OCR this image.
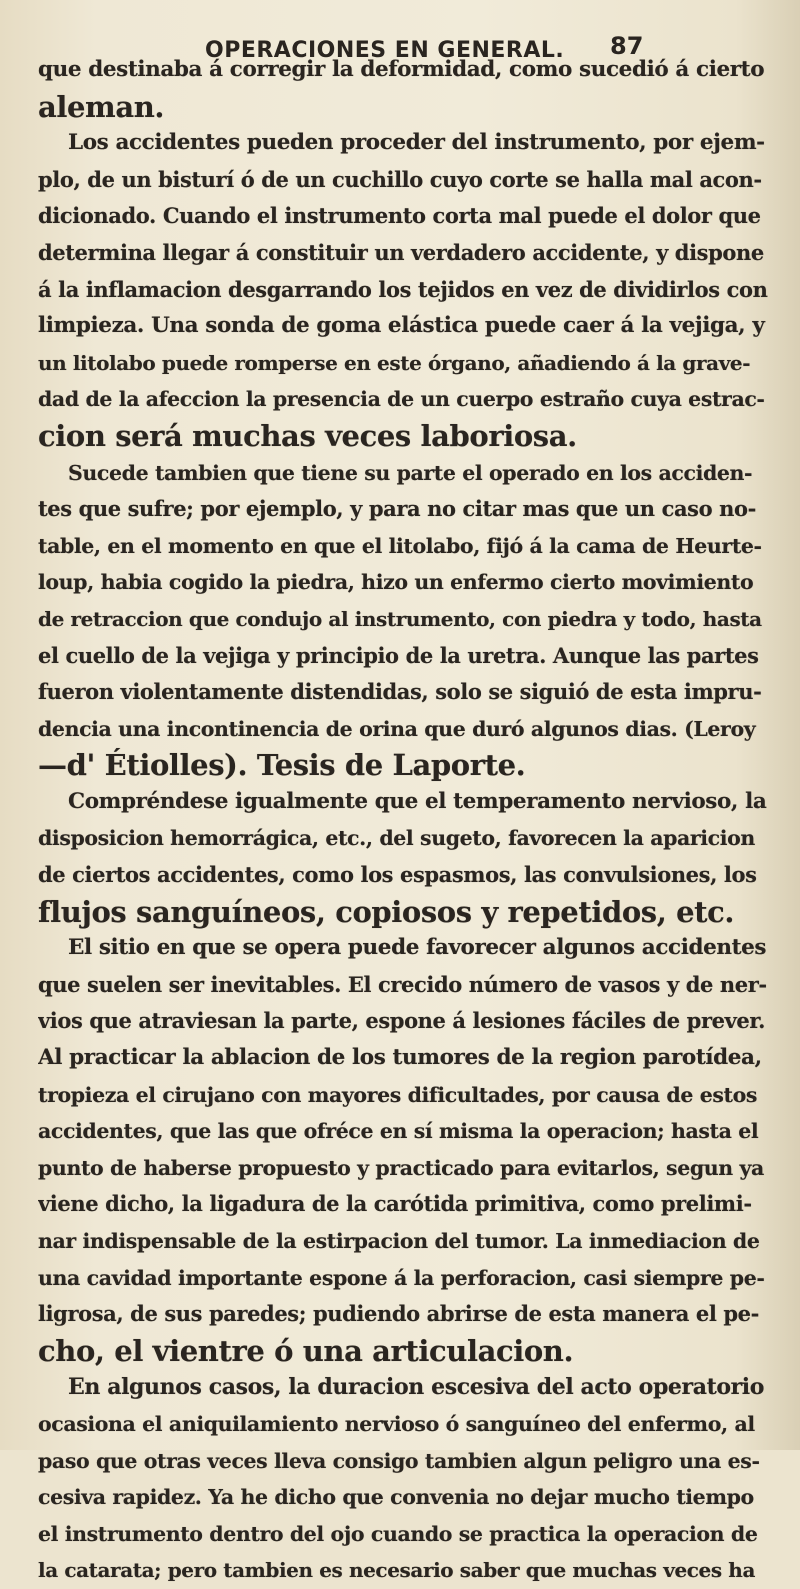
OPERACIONES EN GENERAL. 87
que destinaba á corregir la deformidad, como sucedió á cierto
aleman.
Los accidentes pueden proceder del instrumento, por ejem-
plo, de un bisturí ó de un cuchillo cuyo corte se halla mal acon-
dicionado. Cuando el instrumento corta mal puede el dolor que
determina llegar á constituir un verdadero accidente, y dispone
á la inflamacion desgarrando los tejidos en vez de dividirlos con
limpieza. Una sonda de goma elástica puede caer á la vejiga, y
un litolabo puede romperse en este órgano, añadiendo á la grave-
dad de la afeccion la presencia de un cuerpo estraño cuya estrac-
cion será muchas veces laboriosa.
Sucede tambien que tiene su parte el operado en los acciden-
tes que sufre; por ejemplo, y para no citar mas que un caso no-
table, en el momento en que el litolabo, fijó á la cama de Heurte-
loup, habia cogido la piedra, hizo un enfermo cierto movimiento
de retraccion que condujo al instrumento, con piedra y todo, hasta
el cuello de la vejiga y principio de la uretra. Aunque las partes
fueron violentamente distendidas, solo se siguió de esta impru-
dencia una incontinencia de orina que duró algunos dias. (Leroy
—d' Étiolles). Tesis de Laporte.
Compréndese igualmente que el temperamento nervioso, la
disposicion hemorrágica, etc., del sugeto, favorecen la aparicion
de ciertos accidentes, como los espasmos, las convulsiones, los
flujos sanguíneos, copiosos y repetidos, etc.
El sitio en que se opera puede favorecer algunos accidentes
que suelen ser inevitables. El crecido número de vasos y de ner-
vios que atraviesan la parte, espone á lesiones fáciles de prever.
Al practicar la ablacion de los tumores de la region parotídea,
tropieza el cirujano con mayores dificultades, por causa de estos
accidentes, que las que ofréce en sí misma la operacion; hasta el
punto de haberse propuesto y practicado para evitarlos, segun ya
viene dicho, la ligadura de la carótida primitiva, como prelimi-
nar indispensable de la estirpacion del tumor. La inmediacion de
una cavidad importante espone á la perforacion, casi siempre pe-
ligrosa, de sus paredes; pudiendo abrirse de esta manera el pe-
cho, el vientre ó una articulacion.
En algunos casos, la duracion escesiva del acto operatorio
ocasiona el aniquilamiento nervioso ó sanguíneo del enfermo, al
paso que otras veces lleva consigo tambien algun peligro una es-
cesiva rapidez. Ya he dicho que convenia no dejar mucho tiempo
el instrumento dentro del ojo cuando se practica la operacion de
la catarata; pero tambien es necesario saber que muchas veces ha
